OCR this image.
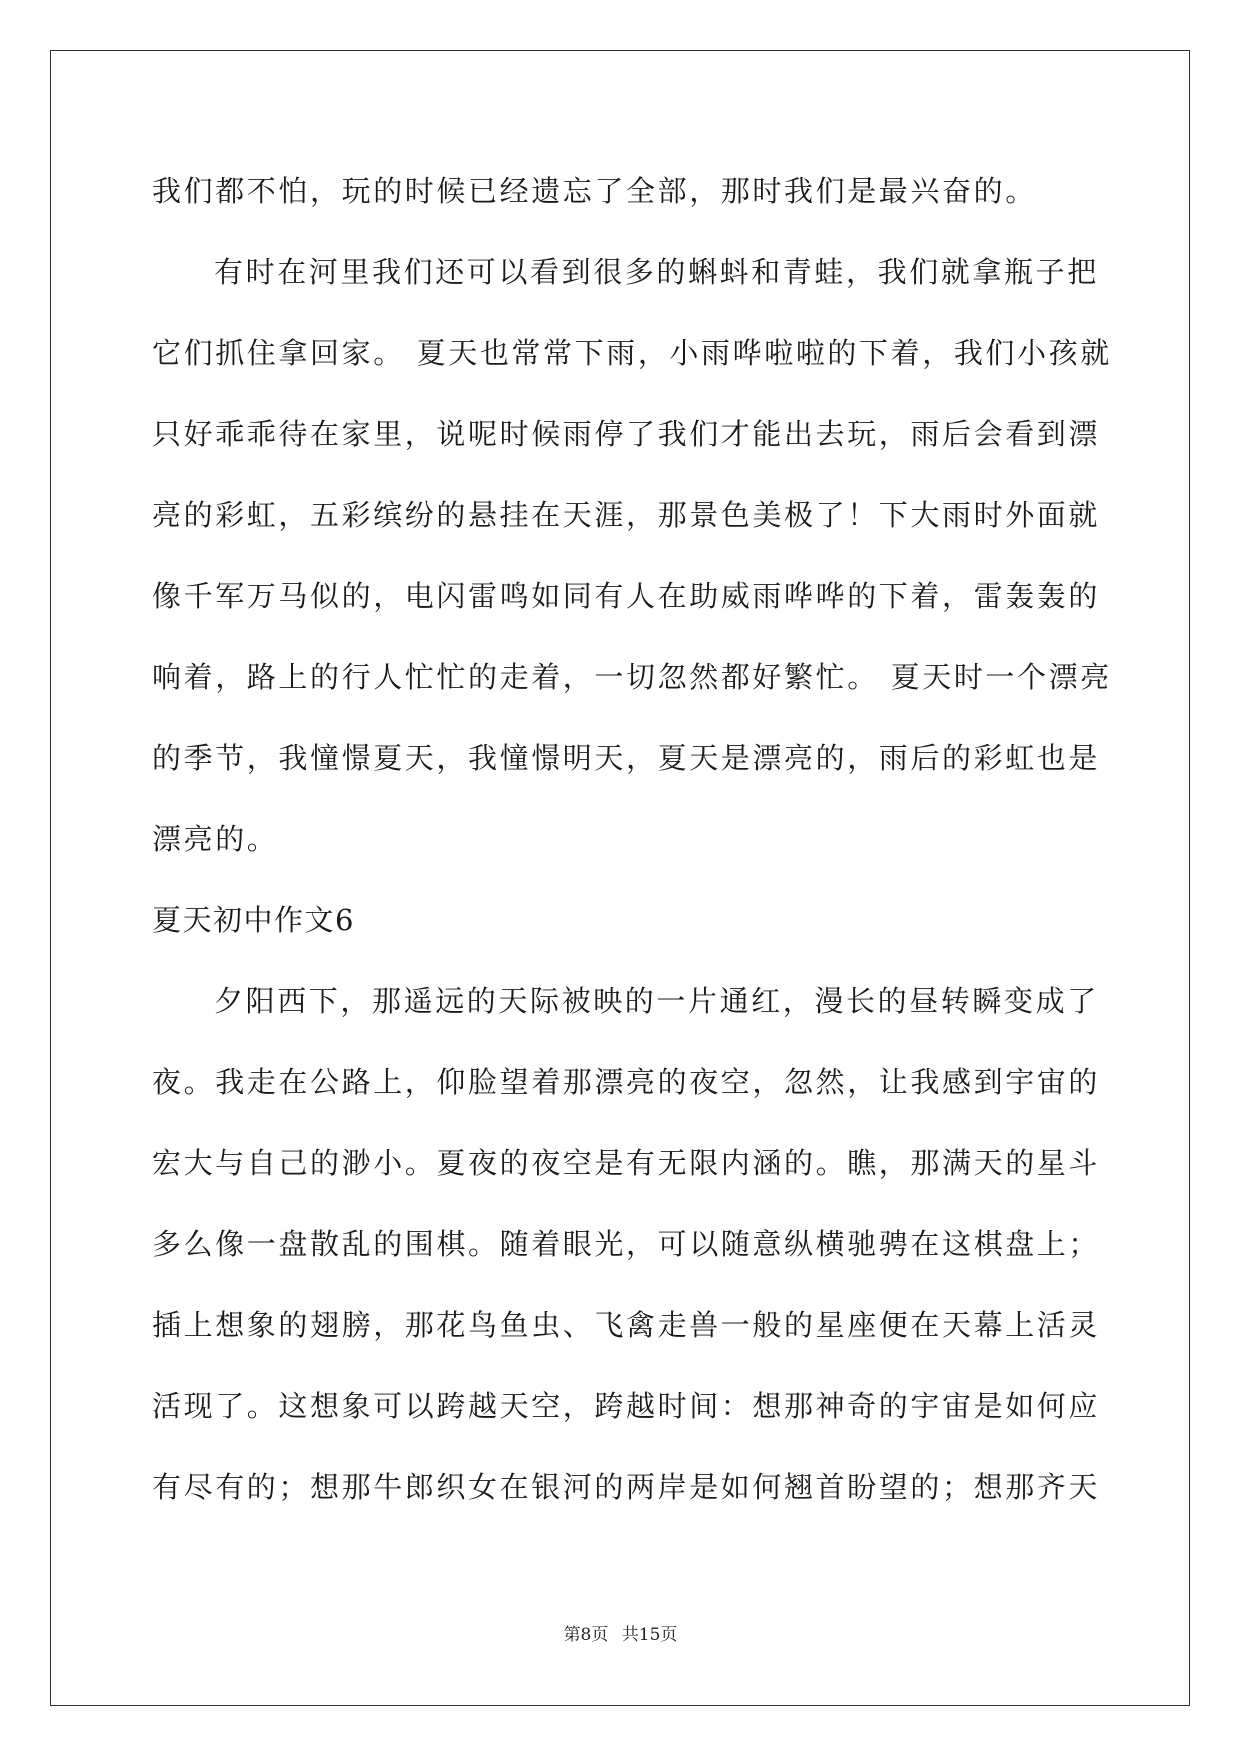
我们都不怕，玩的时候已经遗忘了全部，那时我们是最兴奋的。
有时在河里我们还可以看到很多的蝌蚪和青蛙，我们就拿瓶子把
它们抓住拿回家。 夏天也常常下雨，小雨哗啦啦的下着，我们小孩就
只好乖乖待在家里，说呢时候雨停了我们才能出去玩，雨后会看到漂
亮的彩虹，五彩缤纷的悬挂在天涯，那景色美极了！下大雨时外面就
像千军万马似的，电闪雷鸣如同有人在助威雨哗哗的下着，雷轰轰的
响着，路上的行人忙忙的走着，一切忽然都好繁忙。 夏天时一个漂亮
的季节，我憧憬夏天，我憧憬明天，夏天是漂亮的，雨后的彩虹也是
漂亮的。
夏天初中作文6
夕阳西下，那遥远的天际被映的一片通红，漫长的昼转瞬变成了
夜。我走在公路上，仰脸望着那漂亮的夜空，忽然，让我感到宇宙的
宏大与自己的渺小。夏夜的夜空是有无限内涵的。瞧，那满天的星斗
多么像一盘散乱的围棋。随着眼光，可以随意纵横驰骋在这棋盘上；
插上想象的翅膀，那花鸟鱼虫、飞禽走兽一般的星座便在天幕上活灵
活现了。这想象可以跨越天空，跨越时间：想那神奇的宇宙是如何应
有尽有的；想那牛郎织女在银河的两岸是如何翘首盼望的；想那齐天
第8页 共15页
